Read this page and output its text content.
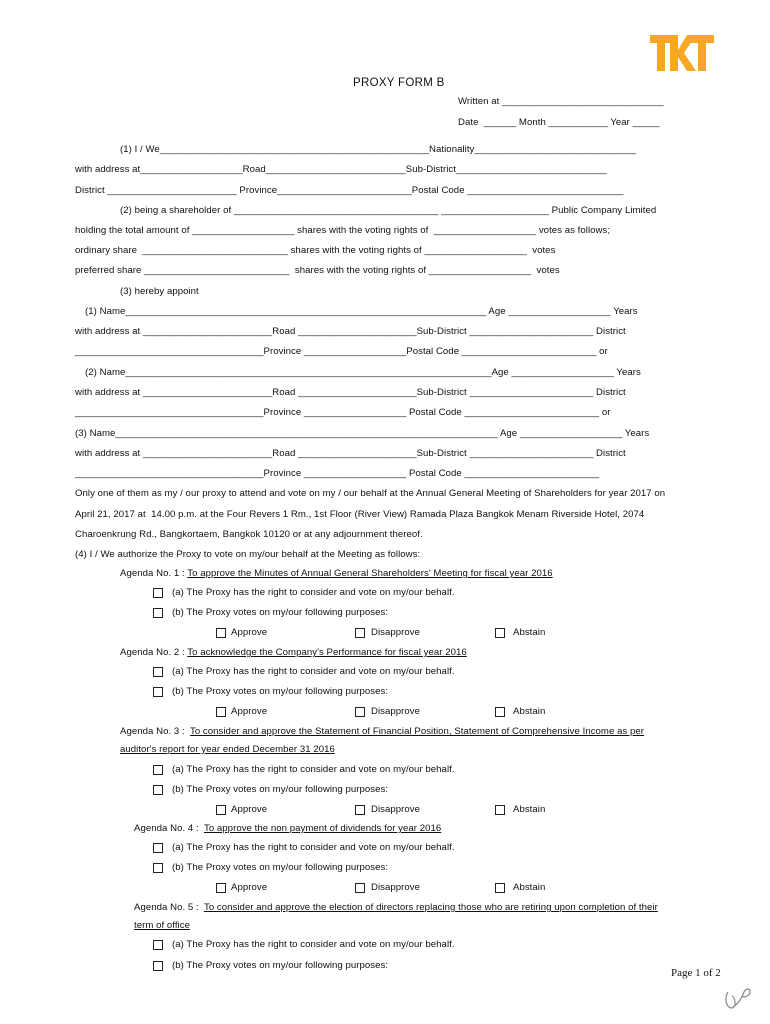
PROXY FORM B
Written at ______________________________
Date  ______ Month ___________ Year _____
(1) I / We__________________________________________________Nationality______________________________
with address at___________________Road__________________________Sub-District____________________________
District ________________________ Province_________________________Postal Code _____________________________
(2) being a shareholder of ______________________________________ ____________________ Public Company Limited
holding the total amount of ___________________ shares with the voting rights of  ___________________ votes as follows;
ordinary share  ___________________________ shares with the voting rights of ___________________  votes
preferred share ___________________________  shares with the voting rights of ___________________  votes
(3) hereby appoint
(1) Name___________________________________________________________________ Age ___________________ Years
with address at ________________________Road ______________________Sub-District _______________________ District
___________________________________Province ___________________Postal Code _________________________ or
(2) Name____________________________________________________________________Age ___________________ Years
with address at ________________________Road ______________________Sub-District _______________________ District
___________________________________Province ___________________ Postal Code _________________________ or
(3) Name_______________________________________________________________________ Age ___________________ Years
with address at ________________________Road ______________________Sub-District _______________________ District
___________________________________Province ___________________ Postal Code _________________________
Only one of them as my / our proxy to attend and vote on my / our behalf at the Annual General Meeting of Shareholders for year 2017 on
April 21, 2017 at  14.00 p.m. at the Four Revers 1 Rm., 1st Floor (River View) Ramada Plaza Bangkok Menam Riverside Hotel, 2074
Charoenkrung Rd., Bangkortaem, Bangkok 10120 or at any adjournment thereof.
(4) I / We authorize the Proxy to vote on my/our behalf at the Meeting as follows:
Agenda No. 1 : To approve the Minutes of Annual General Shareholders' Meeting for fiscal year 2016
(a) The Proxy has the right to consider and vote on my/our behalf.
(b) The Proxy votes on my/our following purposes:
Approve	Disapprove	Abstain
Agenda No. 2 : To acknowledge the Company's Performance for fiscal year 2016
(a) The Proxy has the right to consider and vote on my/our behalf.
(b) The Proxy votes on my/our following purposes:
Approve	Disapprove	Abstain
Agenda No. 3 :  To consider and approve the Statement of Financial Position, Statement of Comprehensive Income as per
auditor's report for year ended December 31 2016
(a) The Proxy has the right to consider and vote on my/our behalf.
(b) The Proxy votes on my/our following purposes:
Approve	Disapprove	Abstain
Agenda No. 4 :  To approve the non payment of dividends for year 2016
(a) The Proxy has the right to consider and vote on my/our behalf.
(b) The Proxy votes on my/our following purposes:
Approve	Disapprove	Abstain
Agenda No. 5 :  To consider and approve the election of directors replacing those who are retiring upon completion of their
term of office
(a) The Proxy has the right to consider and vote on my/our behalf.
(b) The Proxy votes on my/our following purposes:
Page 1 of 2
